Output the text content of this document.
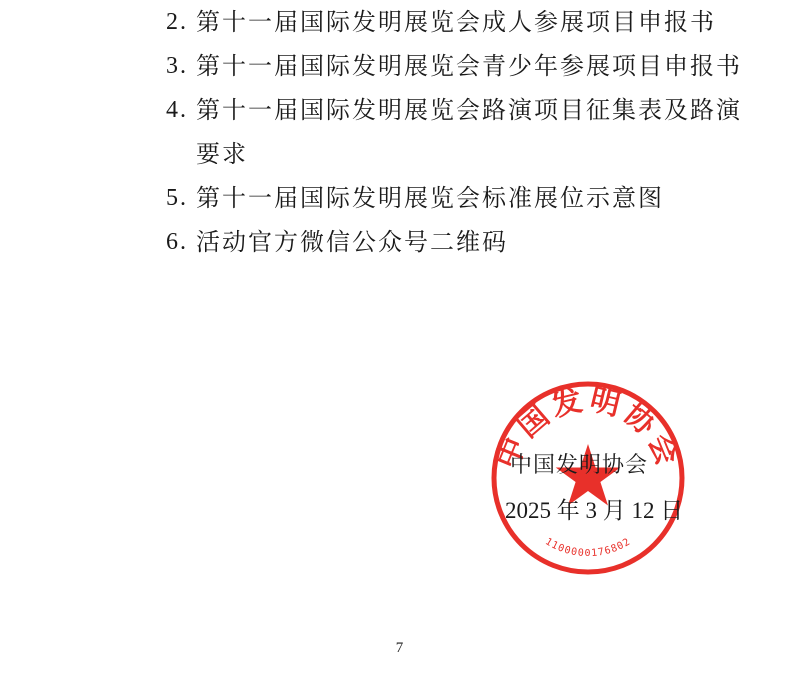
2. 第十一届国际发明展览会成人参展项目申报书
3. 第十一届国际发明展览会青少年参展项目申报书
4. 第十一届国际发明展览会路演项目征集表及路演要求
5. 第十一届国际发明展览会标准展位示意图
6. 活动官方微信公众号二维码
中国发明协会
1100000176802
中国发明协会
2025 年 3 月 12 日
7
